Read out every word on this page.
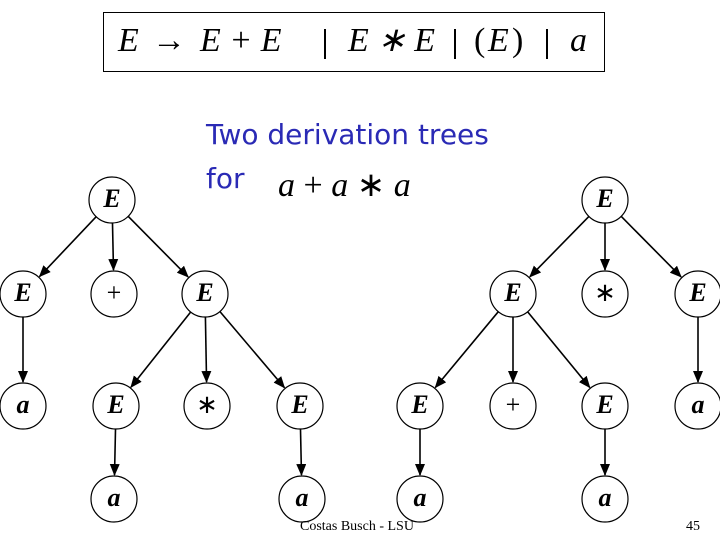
E → E + E E ∗ E ( E ) a
Two derivation trees
for a + a ∗ a
E
E	+	E
a	E	∗	E
a	a
E
E	∗	E
E	+	E	a
a	a
Costas Busch - LSU	45
